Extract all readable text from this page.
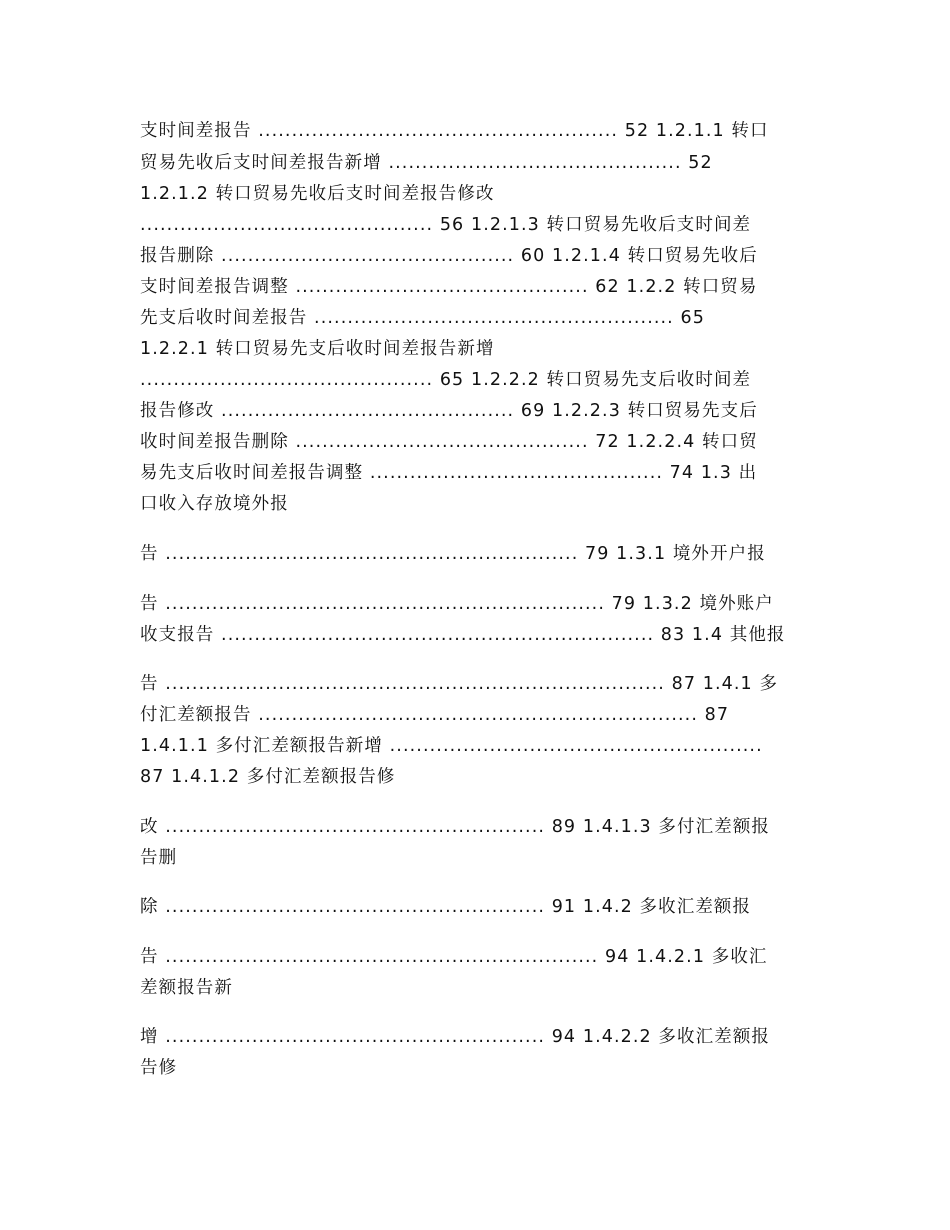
支时间差报告 ...................................................... 52 1.2.1.1 转口
贸易先收后支时间差报告新增 ............................................ 52
1.2.1.2 转口贸易先收后支时间差报告修改
............................................ 56 1.2.1.3 转口贸易先收后支时间差
报告删除 ............................................ 60 1.2.1.4 转口贸易先收后
支时间差报告调整 ............................................ 62 1.2.2 转口贸易
先支后收时间差报告 ...................................................... 65
1.2.2.1 转口贸易先支后收时间差报告新增
............................................ 65 1.2.2.2 转口贸易先支后收时间差
报告修改 ............................................ 69 1.2.2.3 转口贸易先支后
收时间差报告删除 ............................................ 72 1.2.2.4 转口贸
易先支后收时间差报告调整 ............................................ 74 1.3 出
口收入存放境外报
告 .............................................................. 79 1.3.1 境外开户报
告 .................................................................. 79 1.3.2 境外账户
收支报告 ................................................................. 83 1.4 其他报
告 ........................................................................... 87 1.4.1 多
付汇差额报告 .................................................................. 87
1.4.1.1 多付汇差额报告新增 ........................................................
87 1.4.1.2 多付汇差额报告修
改 ......................................................... 89 1.4.1.3 多付汇差额报
告删
除 ......................................................... 91 1.4.2 多收汇差额报
告 ................................................................. 94 1.4.2.1 多收汇
差额报告新
增 ......................................................... 94 1.4.2.2 多收汇差额报
告修
